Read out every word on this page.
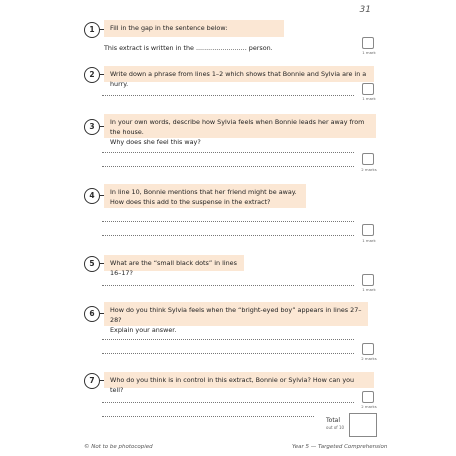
31
1	Fill in the gap in the sentence below:
This extract is written in the ......................... person.
1 mark
2	Write down a phrase from lines 1–2 which shows that Bonnie and Sylvia are in a hurry.
1 mark
3	In your own words, describe how Sylvia feels when Bonnie leads her away from the house.
Why does she feel this way?
2 marks
4	In line 10, Bonnie mentions that her friend might be away.
How does this add to the suspense in the extract?
1 mark
5	What are the “small black dots” in lines 16–17?
1 mark
6	How do you think Sylvia feels when the “bright-eyed boy” appears in lines 27–28?
Explain your answer.
2 marks
7	Who do you think is in control in this extract, Bonnie or Sylvia? How can you tell?
2 marks
Total
out of 10
© Not to be photocopied	Year 5 — Targeted Comprehension
